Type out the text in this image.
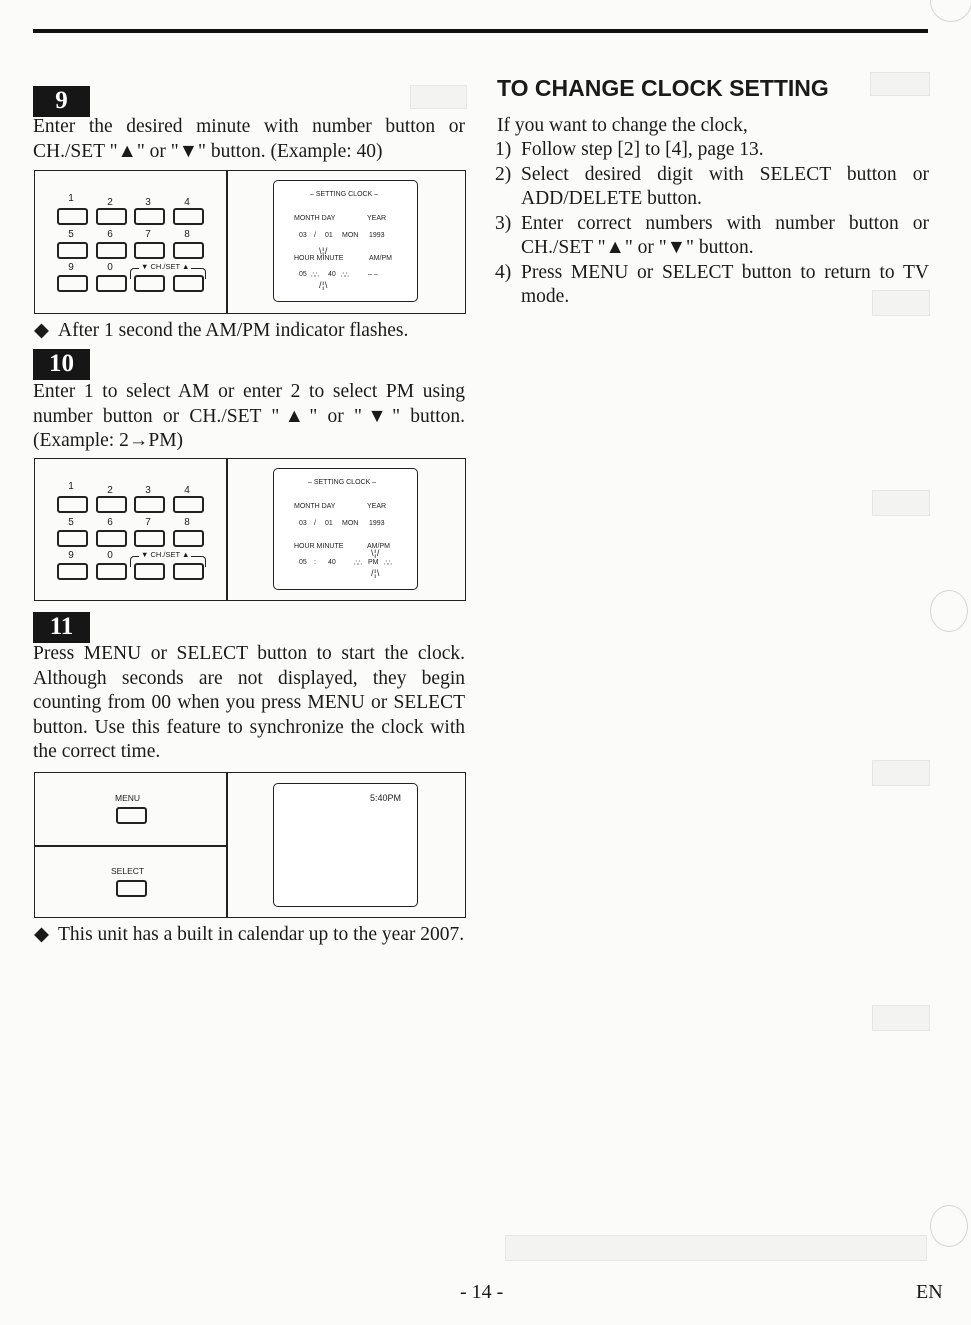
9

Enter the desired minute with number button or CH./SET "▲" or "▼" button. (Example: 40)

1	2	3	4
5	6	7	8
9	0	▼ CH./SET ▲
– SETTING CLOCK –
MONTH DAY	YEAR
03 / 01 MON 1993
HOUR MINUTE	AM/PM
\ ¦ /
05 ∴∴ 40 ∴∴	– –
/ ¦ \
◆ After 1 second the AM/PM indicator flashes.

10

Enter 1 to select AM or enter 2 to select PM using number button or CH./SET "▲" or "▼" button. (Example: 2→PM)

1	2	3	4
5	6	7	8
9	0	▼ CH./SET ▲
– SETTING CLOCK –
MONTH DAY	YEAR
03 / 01 MON 1993
HOUR MINUTE	AM/PM
\ ¦ /
05 : 40	∴∴ PM ∴∴
/ ¦ \
11

Press MENU or SELECT button to start the clock. Although seconds are not displayed, they begin counting from 00 when you press MENU or SELECT button. Use this feature to synchronize the clock with the correct time.

MENU
SELECT
5:40PM
◆ This unit has a built in calendar up to the year 2007.

TO CHANGE CLOCK SETTING

If you want to change the clock,

1) Follow step [2] to [4], page 13.
2) Select desired digit with SELECT button or ADD/DELETE button.
3) Enter correct numbers with number button or CH./SET "▲" or "▼" button.
4) Press MENU or SELECT button to return to TV mode.
- 14 -	EN
